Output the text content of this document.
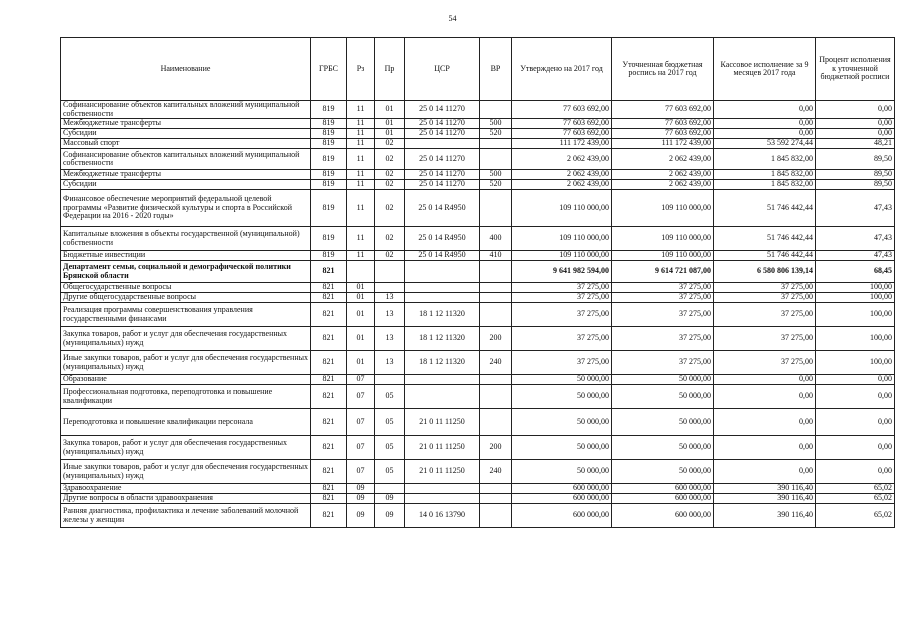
54
Наименование	ГРБС	Рз	Пр	ЦСР	ВР	Утверждено на 2017 год	Уточненная бюджетная роспись на 2017 год	Кассовое исполнение за 9 месяцев 2017 года	Процент исполнения к уточненной бюджетной росписи
Софинансирование объектов капитальных вложений муниципальной собственности	819	11	01	25 0 14 11270		77 603 692,00	77 603 692,00	0,00	0,00
Межбюджетные трансферты	819	11	01	25 0 14 11270	500	77 603 692,00	77 603 692,00	0,00	0,00
Субсидии	819	11	01	25 0 14 11270	520	77 603 692,00	77 603 692,00	0,00	0,00
Массовый спорт	819	11	02			111 172 439,00	111 172 439,00	53 592 274,44	48,21
Софинансирование объектов капитальных вложений муниципальной собственности	819	11	02	25 0 14 11270		2 062 439,00	2 062 439,00	1 845 832,00	89,50
Межбюджетные трансферты	819	11	02	25 0 14 11270	500	2 062 439,00	2 062 439,00	1 845 832,00	89,50
Субсидии	819	11	02	25 0 14 11270	520	2 062 439,00	2 062 439,00	1 845 832,00	89,50
Финансовое обеспечение мероприятий федеральной целевой программы «Развитие физической культуры и спорта в Российской Федерации на 2016 - 2020 годы»	819	11	02	25 0 14 R4950		109 110 000,00	109 110 000,00	51 746 442,44	47,43
Капитальные вложения в объекты государственной (муниципальной) собственности	819	11	02	25 0 14 R4950	400	109 110 000,00	109 110 000,00	51 746 442,44	47,43
Бюджетные инвестиции	819	11	02	25 0 14 R4950	410	109 110 000,00	109 110 000,00	51 746 442,44	47,43
Департамент семьи, социальной и демографической политики Брянской области	821					9 641 982 594,00	9 614 721 087,00	6 580 806 139,14	68,45
Общегосударственные вопросы	821	01				37 275,00	37 275,00	37 275,00	100,00
Другие общегосударственные вопросы	821	01	13			37 275,00	37 275,00	37 275,00	100,00
Реализация программы совершенствования управления государственными финансами	821	01	13	18 1 12 11320		37 275,00	37 275,00	37 275,00	100,00
Закупка товаров, работ и услуг для обеспечения государственных (муниципальных) нужд	821	01	13	18 1 12 11320	200	37 275,00	37 275,00	37 275,00	100,00
Иные закупки товаров, работ и услуг для обеспечения государственных (муниципальных) нужд	821	01	13	18 1 12 11320	240	37 275,00	37 275,00	37 275,00	100,00
Образование	821	07				50 000,00	50 000,00	0,00	0,00
Профессиональная подготовка, переподготовка и повышение квалификации	821	07	05			50 000,00	50 000,00	0,00	0,00
Переподготовка и повышение квалификации персонала	821	07	05	21 0 11 11250		50 000,00	50 000,00	0,00	0,00
Закупка товаров, работ и услуг для обеспечения государственных (муниципальных) нужд	821	07	05	21 0 11 11250	200	50 000,00	50 000,00	0,00	0,00
Иные закупки товаров, работ и услуг для обеспечения государственных (муниципальных) нужд	821	07	05	21 0 11 11250	240	50 000,00	50 000,00	0,00	0,00
Здравоохранение	821	09				600 000,00	600 000,00	390 116,40	65,02
Другие вопросы в области здравоохранения	821	09	09			600 000,00	600 000,00	390 116,40	65,02
Ранняя диагностика, профилактика и лечение заболеваний молочной железы у женщин	821	09	09	14 0 16 13790		600 000,00	600 000,00	390 116,40	65,02
